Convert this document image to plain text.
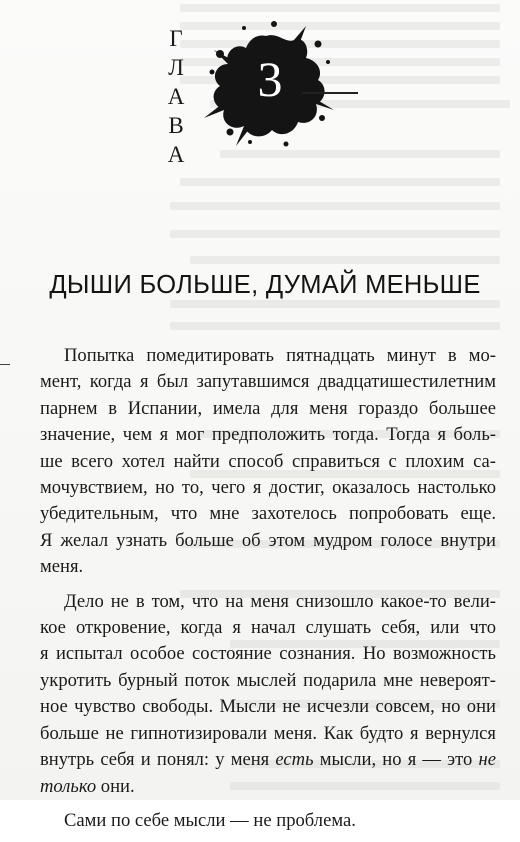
Г
Л
А
В
А
3
ДЫШИ БОЛЬШЕ, ДУМАЙ МЕНЬШЕ

Попытка помедитировать пятнадцать минут в мо-
мент, когда я был запутавшимся двадцатишестилетним
парнем в Испании, имела для меня гораздо большее
значение, чем я мог предположить тогда. Тогда я боль-
ше всего хотел найти способ справиться с плохим са-
мочувствием, но то, чего я достиг, оказалось настолько
убедительным, что мне захотелось попробовать еще.
Я желал узнать больше об этом мудром голосе внутри
меня.

Дело не в том, что на меня снизошло какое-то вели-
кое откровение, когда я начал слушать себя, или что
я испытал особое состояние сознания. Но возможность
укротить бурный поток мыслей подарила мне невероят-
ное чувство свободы. Мысли не исчезли совсем, но они
больше не гипнотизировали меня. Как будто я вернулся
внутрь себя и понял: у меня есть мысли, но я — это не
только они.

Сами по себе мысли — не проблема.
